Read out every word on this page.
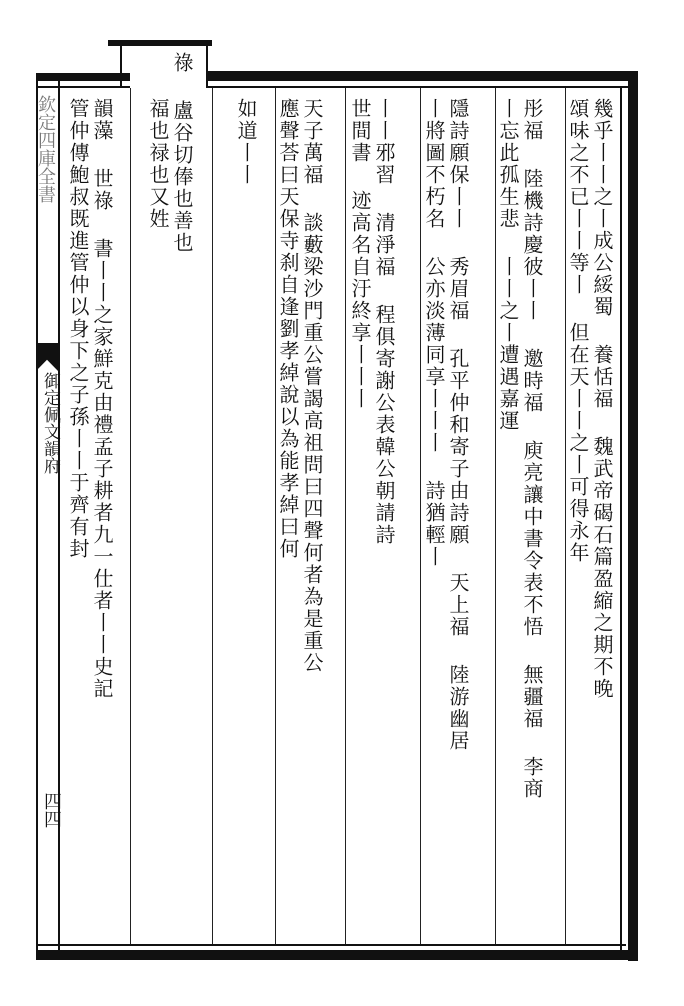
欽定四庫全書
御定佩文韻府
四四
幾乎丨丨之丨成公綏蜀 養恬福 魏武帝碣石篇盈縮之期不晚
頌味之不已丨丨等丨 但在天丨丨之丨可得永年
彤福 陸機詩慶彼丨丨 邀時福 庾亮讓中書令表不悟 無疆福 李商
丨忘此孤生悲 丨丨之丨遭遇嘉運
隱詩願保丨丨 秀眉福 孔平仲和寄子由詩願 天上福 陸游幽居
丨將圖不朽名 公亦淡薄同享丨丨丨 詩猶輕丨
丨丨邪習 清淨福 程俱寄謝公表韓公朝請詩
世間書 迹高名自汙終享丨丨丨
天子萬福 談藪梁沙門重公嘗謁高祖問曰四聲何者為是重公
應聲荅曰天保寺刹自逢劉孝綽說以為能孝綽曰何
如道丨丨
祿 盧谷切俸也善也
福也禄也又姓
韻藻 世祿 書丨丨之家鮮克由禮孟子耕者九一仕者丨丨史記
管仲傳鮑叔既進管仲以身下之子孫丨丨于齊有封
